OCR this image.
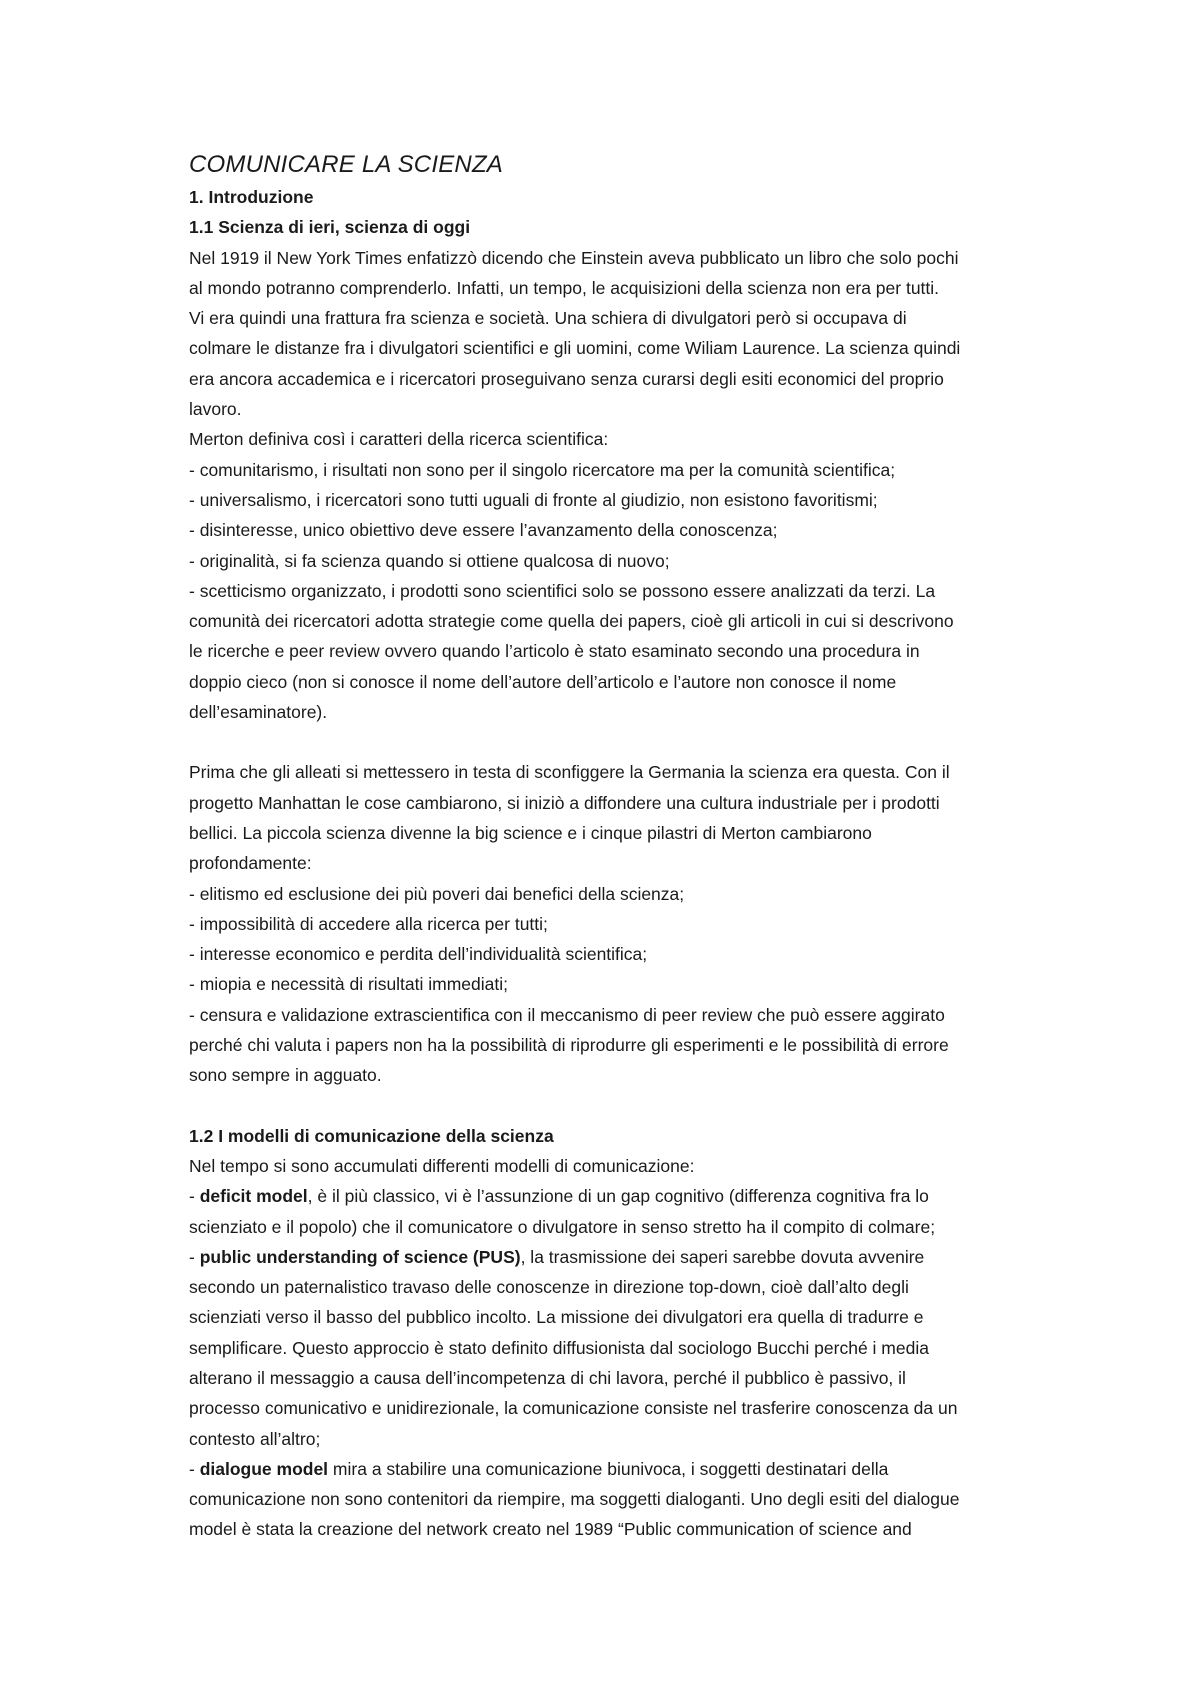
COMUNICARE LA SCIENZA

1. Introduzione

1.1 Scienza di ieri, scienza di oggi

Nel 1919 il New York Times enfatizzò dicendo che Einstein aveva pubblicato un libro che solo pochi
al mondo potranno comprenderlo. Infatti, un tempo, le acquisizioni della scienza non era per tutti.
Vi era quindi una frattura fra scienza e società. Una schiera di divulgatori però si occupava di
colmare le distanze fra i divulgatori scientifici e gli uomini, come Wiliam Laurence. La scienza quindi
era ancora accademica e i ricercatori proseguivano senza curarsi degli esiti economici del proprio
lavoro.
Merton definiva così i caratteri della ricerca scientifica:
- comunitarismo, i risultati non sono per il singolo ricercatore ma per la comunità scientifica;
- universalismo, i ricercatori sono tutti uguali di fronte al giudizio, non esistono favoritismi;
- disinteresse, unico obiettivo deve essere l’avanzamento della conoscenza;
- originalità, si fa scienza quando si ottiene qualcosa di nuovo;
- scetticismo organizzato, i prodotti sono scientifici solo se possono essere analizzati da terzi. La
comunità dei ricercatori adotta strategie come quella dei papers, cioè gli articoli in cui si descrivono
le ricerche e peer review ovvero quando l’articolo è stato esaminato secondo una procedura in
doppio cieco (non si conosce il nome dell’autore dell’articolo e l’autore non conosce il nome
dell’esaminatore).
Prima che gli alleati si mettessero in testa di sconfiggere la Germania la scienza era questa. Con il
progetto Manhattan le cose cambiarono, si iniziò a diffondere una cultura industriale per i prodotti
bellici. La piccola scienza divenne la big science e i cinque pilastri di Merton cambiarono
profondamente:
- elitismo ed esclusione dei più poveri dai benefici della scienza;
- impossibilità di accedere alla ricerca per tutti;
- interesse economico e perdita dell’individualità scientifica;
- miopia e necessità di risultati immediati;
- censura e validazione extrascientifica con il meccanismo di peer review che può essere aggirato
perché chi valuta i papers non ha la possibilità di riprodurre gli esperimenti e le possibilità di errore
sono sempre in agguato.

1.2 I modelli di comunicazione della scienza

Nel tempo si sono accumulati differenti modelli di comunicazione:
- deficit model, è il più classico, vi è l’assunzione di un gap cognitivo (differenza cognitiva fra lo
scienziato e il popolo) che il comunicatore o divulgatore in senso stretto ha il compito di colmare;
- public understanding of science (PUS), la trasmissione dei saperi sarebbe dovuta avvenire
secondo un paternalistico travaso delle conoscenze in direzione top-down, cioè dall’alto degli
scienziati verso il basso del pubblico incolto. La missione dei divulgatori era quella di tradurre e
semplificare. Questo approccio è stato definito diffusionista dal sociologo Bucchi perché i media
alterano il messaggio a causa dell’incompetenza di chi lavora, perché il pubblico è passivo, il
processo comunicativo e unidirezionale, la comunicazione consiste nel trasferire conoscenza da un
contesto all’altro;
- dialogue model mira a stabilire una comunicazione biunivoca, i soggetti destinatari della
comunicazione non sono contenitori da riempire, ma soggetti dialoganti. Uno degli esiti del dialogue
model è stata la creazione del network creato nel 1989 “Public communication of science and
